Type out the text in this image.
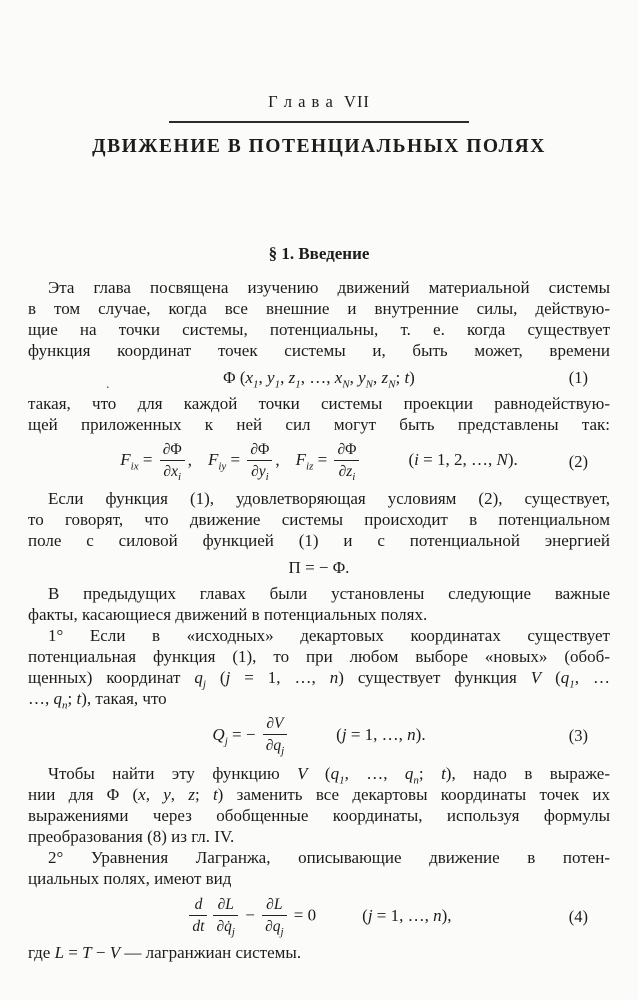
Г л а в а  VII
ДВИЖЕНИЕ В ПОТЕНЦИАЛЬНЫХ ПОЛЯХ
§ 1. Введение
Эта глава посвящена изучению движений материальной системы
в том случае, когда все внешние и внутренние силы, действую-
щие на точки системы, потенциальны, т. е. когда существует
функция координат точек системы и, быть может, времени
.	Φ ($x_1$, $y_1$, $z_1$, …, $x_N$, $y_N$, $z_N$; t)	(1)
такая, что для каждой точки системы проекции равнодействую-
щей приложенных к ней сил могут быть представлены так:
$F_{ix} = \frac{\partial\Phi}{\partial x_i}$ , $F_{iy} = \frac{\partial\Phi}{\partial y_i}$ , $F_{iz} = \frac{\partial\Phi}{\partial z_i}$	(i = 1, 2, …, N).	(2)
Если функция (1), удовлетворяющая условиям (2), существует,
то говорят, что движение системы происходит в потенциальном
поле с силовой функцией (1) и с потенциальной энергией
Π = − Φ.
В предыдущих главах были установлены следующие важные
факты, касающиеся движений в потенциальных полях.
1° Если в «исходных» декартовых координатах существует
потенциальная функция (1), то при любом выборе «новых» (обоб-
щенных) координат $q_j$ (j = 1, …, n) существует функция V ($q_1$, …
…, $q_n$; t), такая, что
$Q_j$ = − $\frac{\partial V}{\partial q_j}$	(j = 1, …, n).	(3)
Чтобы найти эту функцию V ($q_1$, …, $q_n$; t), надо в выраже-
нии для Φ (x, y, z; t) заменить все декартовы координаты точек их
выражениями через обобщенные координаты, используя формулы
преобразования (8) из гл. IV.
2° Уравнения Лагранжа, описывающие движение в потен-
циальных полях, имеют вид
$\frac{d}{dt} \frac{\partial L}{\partial q̇_j} - \frac{\partial L}{\partial q_j} = 0$	(j = 1, …, n),	(4)
где L = T − V — лагранжиан системы.
